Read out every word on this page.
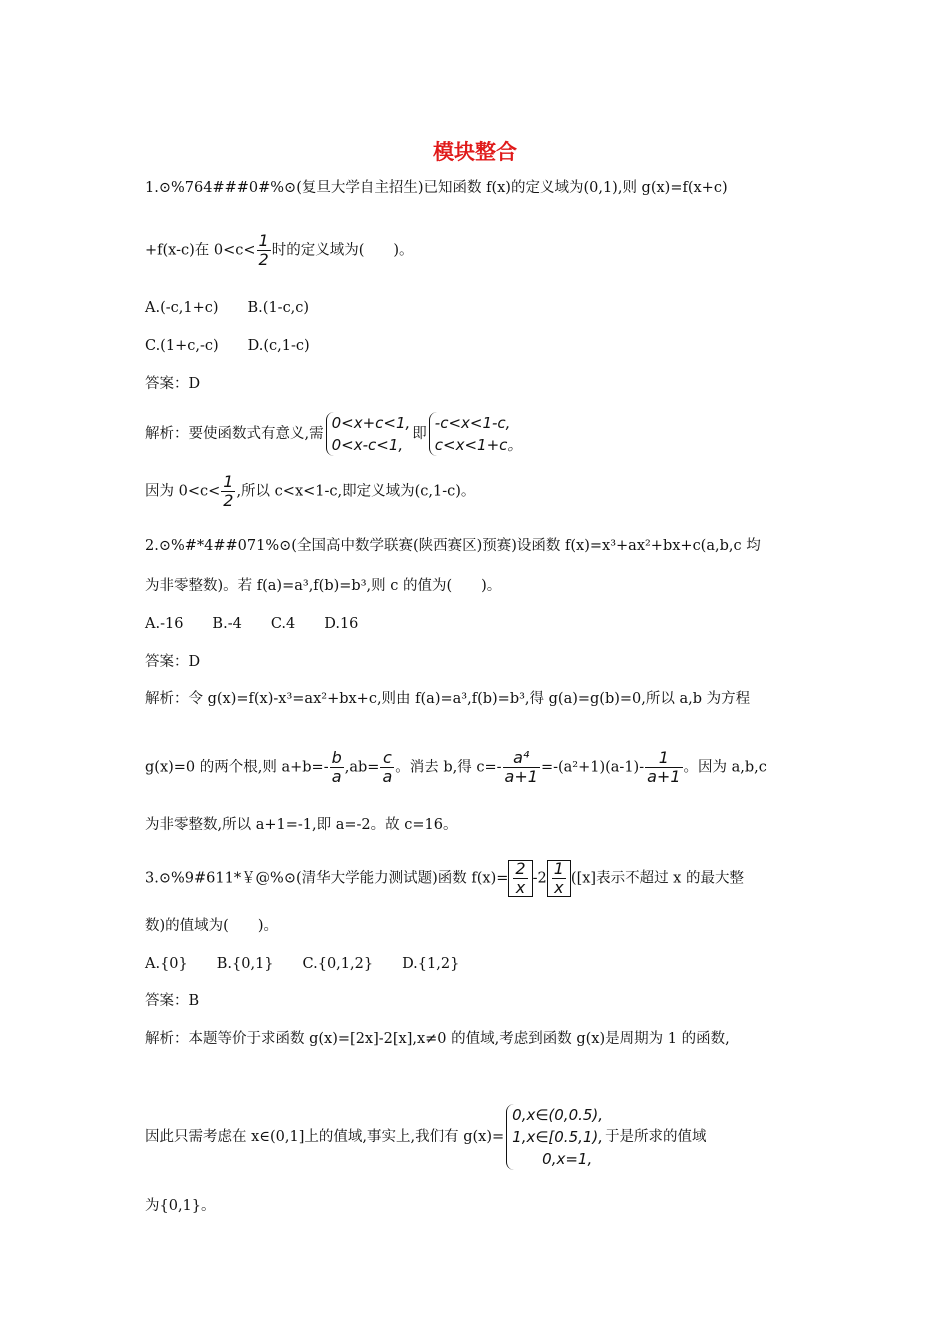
模块整合
1.⊙%764###0#%⊙(复旦大学自主招生)已知函数 f(x)的定义域为(0,1),则 g(x)=f(x+c)
+f(x-c)在 $0<c< \frac{1}{2}$ 时的定义域为(　　)。
A.(-c,1+c)　　B.(1-c,c)
C.(1+c,-c)　　D.(c,1-c)
答案：D
解析：要使函数式有意义,需
0<x+c<1,
0<x-c<1,
即
-c<x<1-c,
c<x<1+c。
因为 $0<c< \frac{1}{2}$ ,所以 c<x<1-c,即定义域为(c,1-c)。
2.⊙%#*4##071%⊙(全国高中数学联赛(陕西赛区)预赛)设函数 f(x)=x³+ax²+bx+c(a,b,c 均
为非零整数)。若 f(a)=a³,f(b)=b³,则 c 的值为(　　)。
A.-16　　B.-4　　C.4　　D.16
答案：D
解析：令 g(x)=f(x)-x³=ax²+bx+c,则由 f(a)=a³,f(b)=b³,得 g(a)=g(b)=0,所以 a,b 为方程
g(x)=0 的两个根,则 $a+b=- \frac{b}{a} ,ab= \frac{c}{a}$ 。消去 b,得 $c=- \frac{\text{a⁴}}{a+1} =-(a^2+1)(a-1)- \frac{1}{a+1}$ 。因为 a,b,c
为非零整数,所以 a+1=-1,即 a=-2。故 c=16。
3.⊙%9#611*￥@%⊙(清华大学能力测试题)函数 $f(x)= \frac{2}{x} -2 \frac{1}{x} ([x]$表示不超过 x 的最大整
数)的值域为(　　)。
A.{0}　　B.{0,1}　　C.{0,1,2}　　D.{1,2}
答案：B
解析：本题等价于求函数 g(x)=[2x]-2[x],x≠0 的值域,考虑到函数 g(x)是周期为 1 的函数,
因此只需考虑在 x∈(0,1]上的值域,事实上,我们有 g(x)=
0,x∈(0,0.5),
1,x∈[0.5,1),
0,x=1,
于是所求的值域
为{0,1}。
